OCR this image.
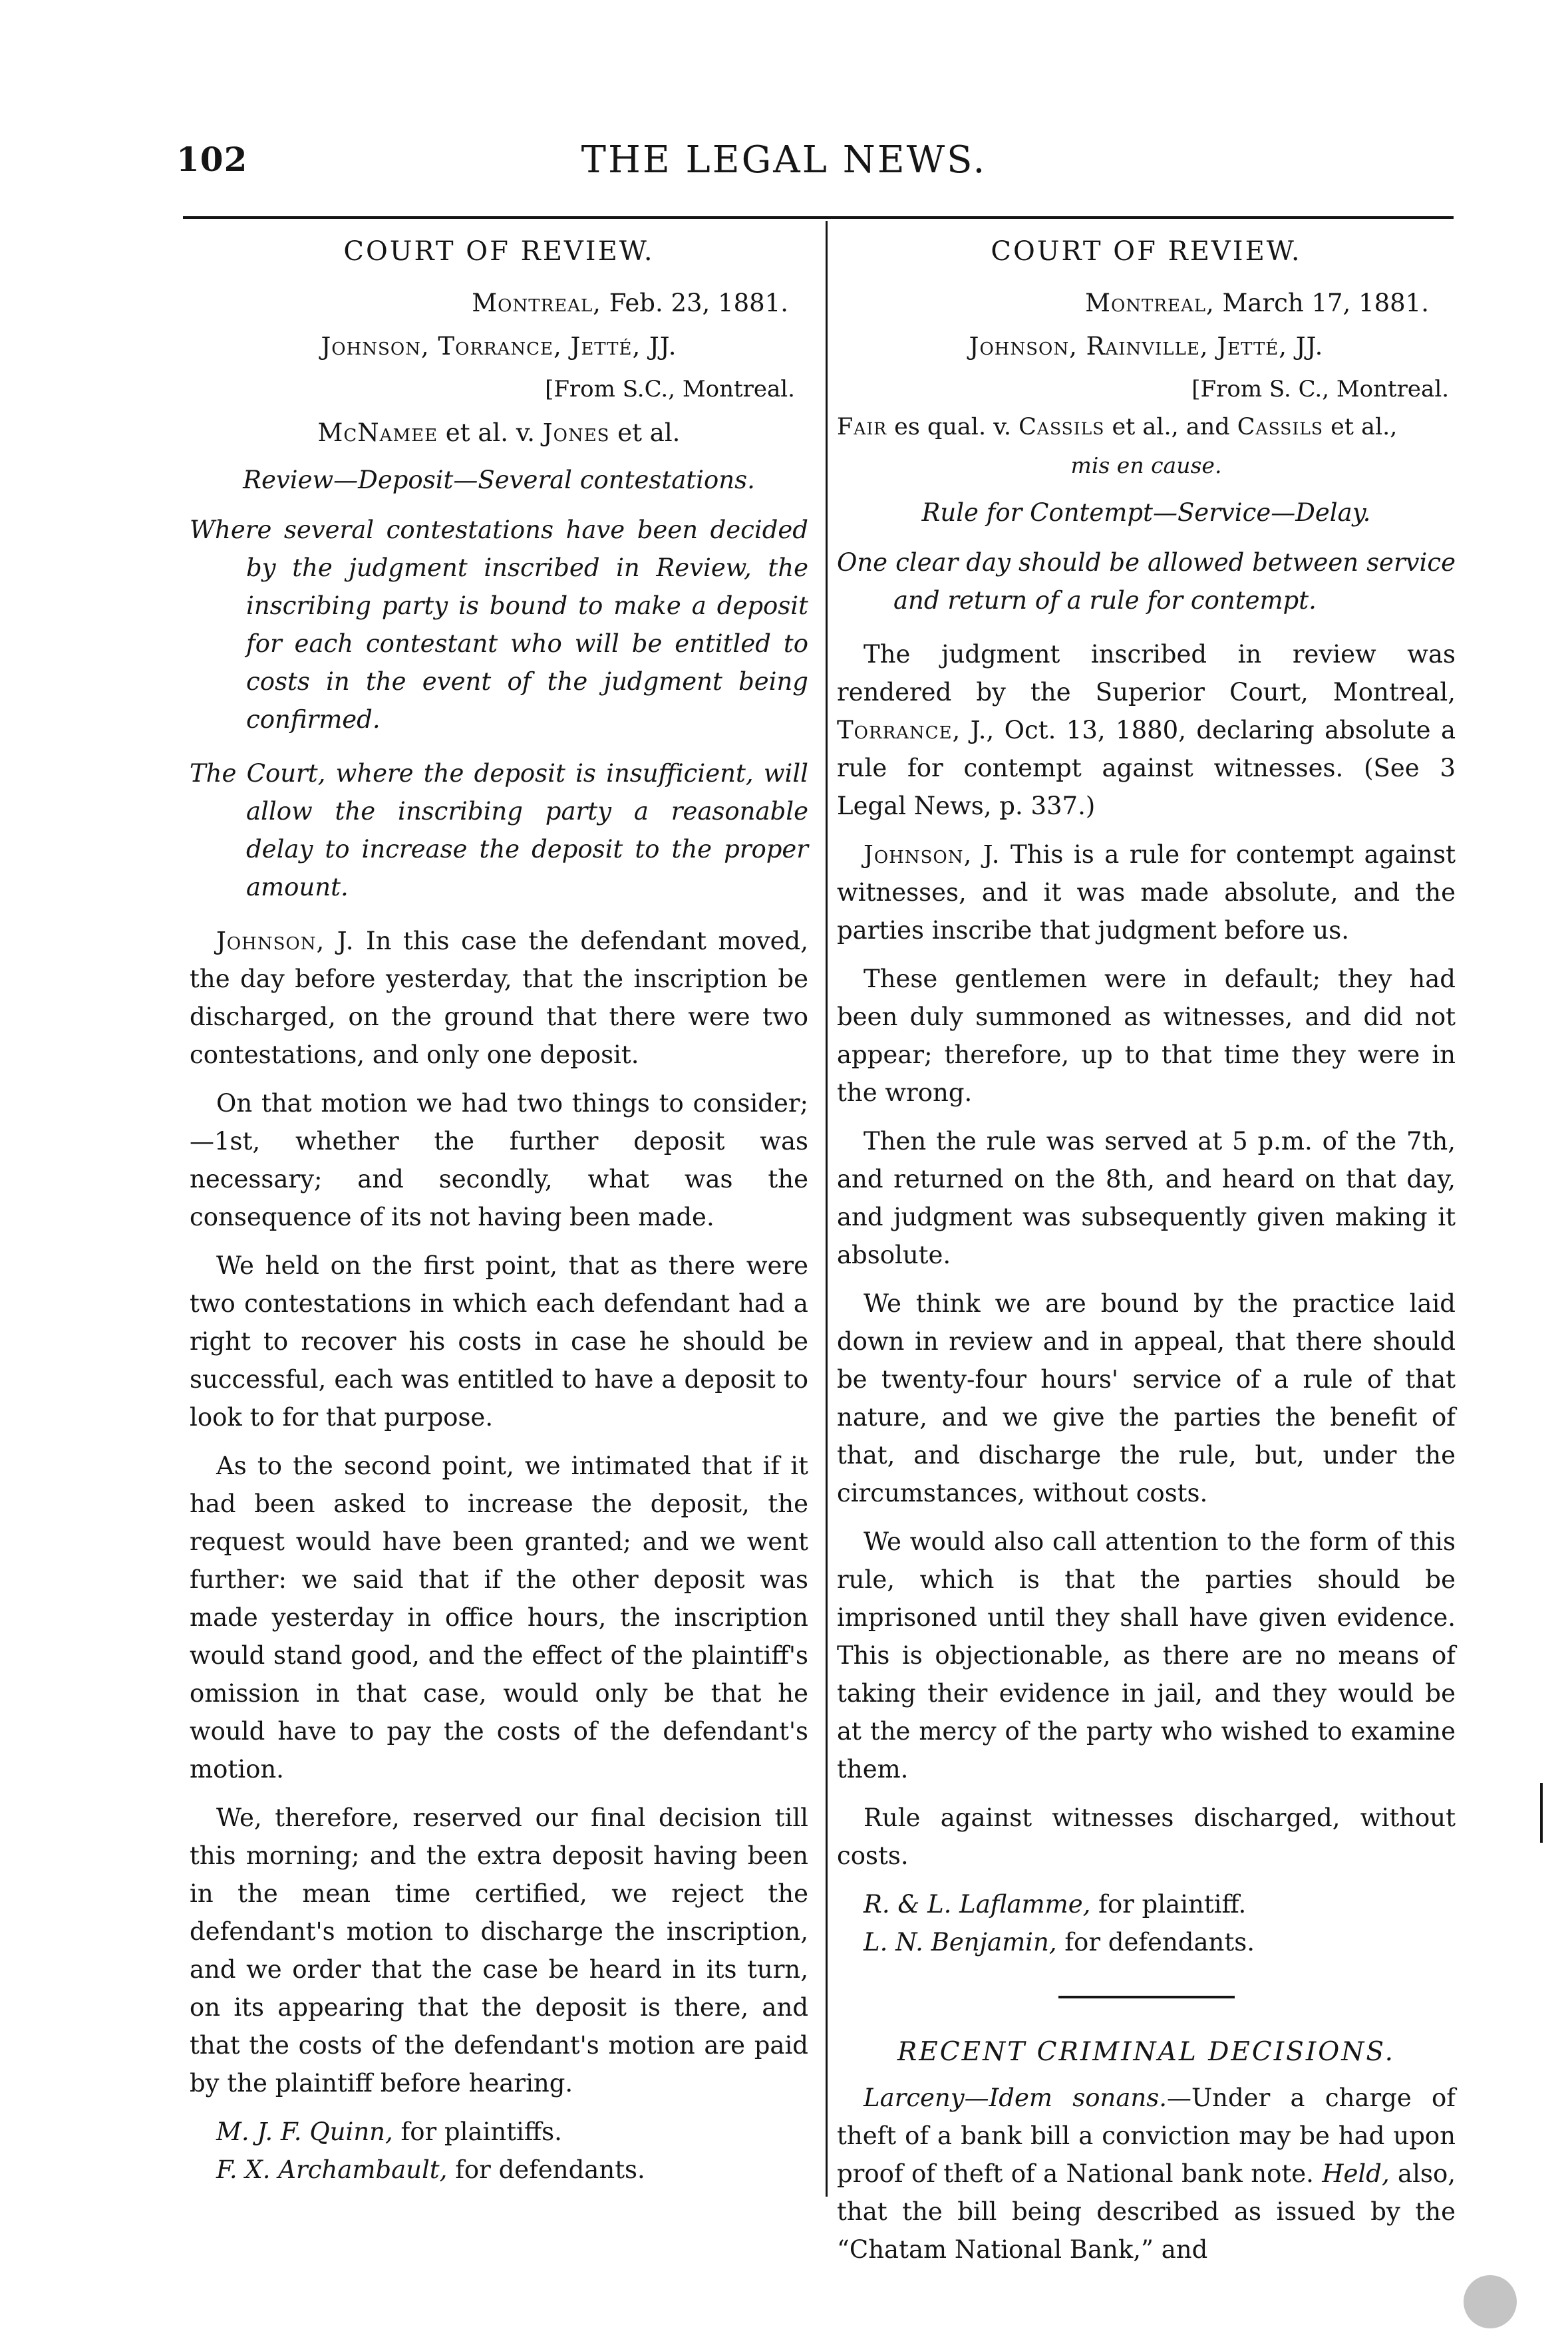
102	THE LEGAL NEWS.
COURT OF REVIEW.
Montreal, Feb. 23, 1881.
Johnson, Torrance, Jetté, JJ.
[From S.C., Montreal.
McNamee et al. v. Jones et al.
Review—Deposit—Several contestations.
Where several contestations have been decided by the judgment inscribed in Review, the inscribing party is bound to make a deposit for each contestant who will be entitled to costs in the event of the judgment being confirmed.
The Court, where the deposit is insufficient, will allow the inscribing party a reasonable delay to increase the deposit to the proper amount.

Johnson, J. In this case the defendant moved, the day before yesterday, that the inscription be discharged, on the ground that there were two contestations, and only one deposit.

On that motion we had two things to consider;—1st, whether the further deposit was necessary; and secondly, what was the consequence of its not having been made.

We held on the first point, that as there were two contestations in which each defendant had a right to recover his costs in case he should be successful, each was entitled to have a deposit to look to for that purpose.

As to the second point, we intimated that if it had been asked to increase the deposit, the request would have been granted; and we went further: we said that if the other deposit was made yesterday in office hours, the inscription would stand good, and the effect of the plaintiff's omission in that case, would only be that he would have to pay the costs of the defendant's motion.

We, therefore, reserved our final decision till this morning; and the extra deposit having been in the mean time certified, we reject the defendant's motion to discharge the inscription, and we order that the case be heard in its turn, on its appearing that the deposit is there, and that the costs of the defendant's motion are paid by the plaintiff before hearing.

M. J. F. Quinn, for plaintiffs.
F. X. Archambault, for defendants.
COURT OF REVIEW.
Montreal, March 17, 1881.
Johnson, Rainville, Jetté, JJ.
[From S. C., Montreal.
Fair es qual. v. Cassils et al., and Cassils et al.,
mis en cause.
Rule for Contempt—Service—Delay.
One clear day should be allowed between service and return of a rule for contempt.

The judgment inscribed in review was rendered by the Superior Court, Montreal, Torrance, J., Oct. 13, 1880, declaring absolute a rule for contempt against witnesses. (See 3 Legal News, p. 337.)

Johnson, J. This is a rule for contempt against witnesses, and it was made absolute, and the parties inscribe that judgment before us.

These gentlemen were in default; they had been duly summoned as witnesses, and did not appear; therefore, up to that time they were in the wrong.

Then the rule was served at 5 p.m. of the 7th, and returned on the 8th, and heard on that day, and judgment was subsequently given making it absolute.

We think we are bound by the practice laid down in review and in appeal, that there should be twenty-four hours' service of a rule of that nature, and we give the parties the benefit of that, and discharge the rule, but, under the circumstances, without costs.

We would also call attention to the form of this rule, which is that the parties should be imprisoned until they shall have given evidence. This is objectionable, as there are no means of taking their evidence in jail, and they would be at the mercy of the party who wished to examine them.

Rule against witnesses discharged, without costs.

R. & L. Laflamme, for plaintiff.
L. N. Benjamin, for defendants.
RECENT CRIMINAL DECISIONS.

Larceny—Idem sonans.—Under a charge of theft of a bank bill a conviction may be had upon proof of theft of a National bank note. Held, also, that the bill being described as issued by the “Chatam National Bank,” and
